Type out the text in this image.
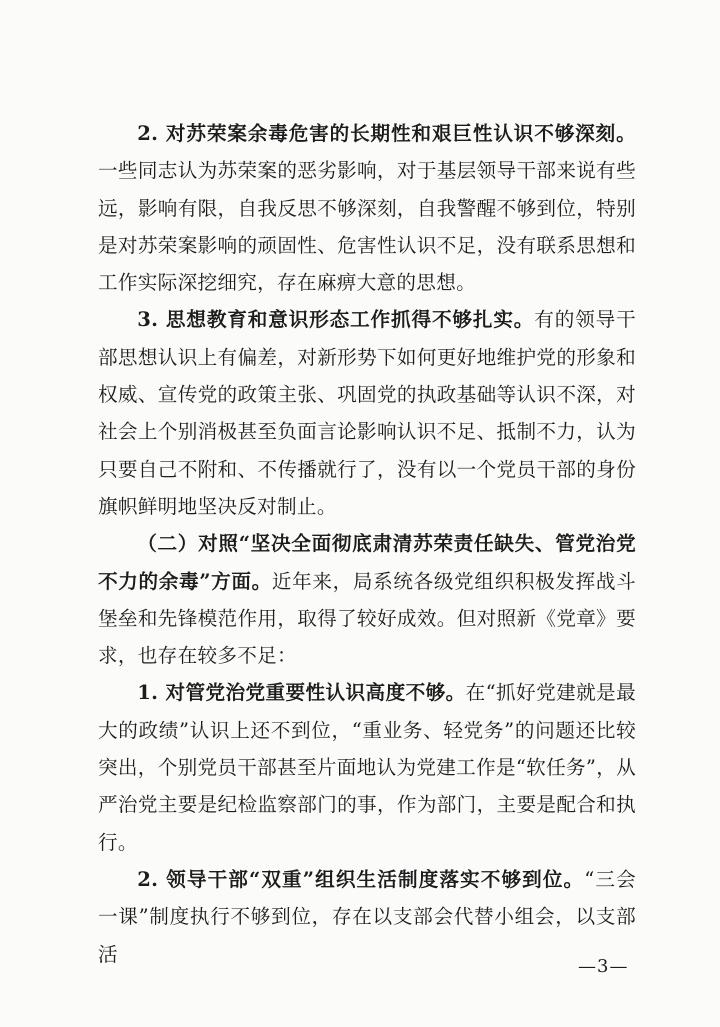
2. 对苏荣案余毒危害的长期性和艰巨性认识不够深刻。一些同志认为苏荣案的恶劣影响，对于基层领导干部来说有些远，影响有限，自我反思不够深刻，自我警醒不够到位，特别是对苏荣案影响的顽固性、危害性认识不足，没有联系思想和工作实际深挖细究，存在麻痹大意的思想。

3. 思想教育和意识形态工作抓得不够扎实。有的领导干部思想认识上有偏差，对新形势下如何更好地维护党的形象和权威、宣传党的政策主张、巩固党的执政基础等认识不深，对社会上个别消极甚至负面言论影响认识不足、抵制不力，认为只要自己不附和、不传播就行了，没有以一个党员干部的身份旗帜鲜明地坚决反对制止。

（二）对照“坚决全面彻底肃清苏荣责任缺失、管党治党不力的余毒”方面。近年来，局系统各级党组织积极发挥战斗堡垒和先锋模范作用，取得了较好成效。但对照新《党章》要求，也存在较多不足：

1. 对管党治党重要性认识高度不够。在“抓好党建就是最大的政绩”认识上还不到位，“重业务、轻党务”的问题还比较突出，个别党员干部甚至片面地认为党建工作是“软任务”，从严治党主要是纪检监察部门的事，作为部门，主要是配合和执行。

2. 领导干部“双重”组织生活制度落实不够到位。“三会一课”制度执行不够到位，存在以支部会代替小组会，以支部活

—3—
